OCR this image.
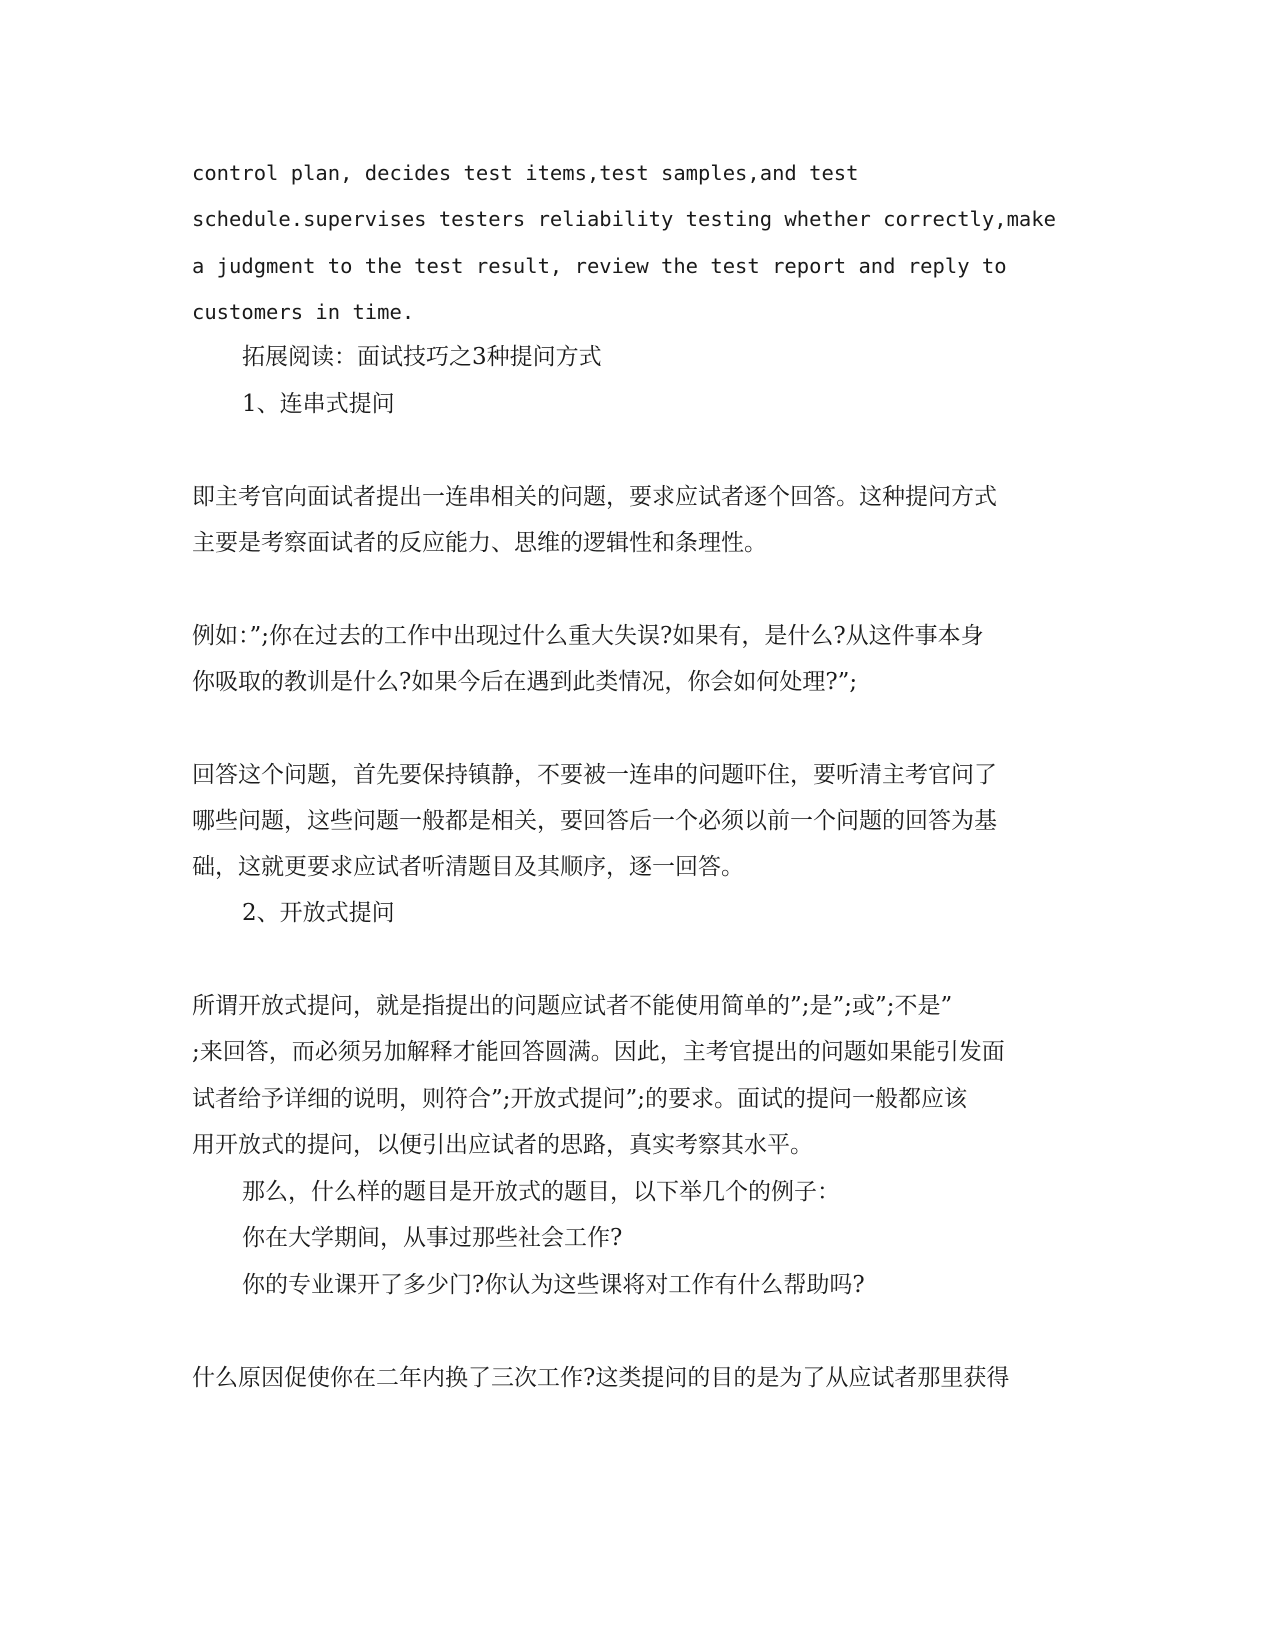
control plan, decides test items,test samples,and test
schedule.supervises testers reliability testing whether correctly,make
a judgment to the test result, review the test report and reply to
customers in time.
拓展阅读：面试技巧之3种提问方式
1、连串式提问
即主考官向面试者提出一连串相关的问题，要求应试者逐个回答。这种提问方式
主要是考察面试者的反应能力、思维的逻辑性和条理性。
例如：”;你在过去的工作中出现过什么重大失误?如果有，是什么?从这件事本身
你吸取的教训是什么?如果今后在遇到此类情况，你会如何处理?”;
回答这个问题，首先要保持镇静，不要被一连串的问题吓住，要听清主考官问了
哪些问题，这些问题一般都是相关，要回答后一个必须以前一个问题的回答为基
础，这就更要求应试者听清题目及其顺序，逐一回答。
2、开放式提问
所谓开放式提问，就是指提出的问题应试者不能使用简单的”;是”;或”;不是”
;来回答，而必须另加解释才能回答圆满。因此，主考官提出的问题如果能引发面
试者给予详细的说明，则符合”;开放式提问”;的要求。面试的提问一般都应该
用开放式的提问，以便引出应试者的思路，真实考察其水平。
那么，什么样的题目是开放式的题目，以下举几个的例子：
你在大学期间，从事过那些社会工作?
你的专业课开了多少门?你认为这些课将对工作有什么帮助吗?
什么原因促使你在二年内换了三次工作?这类提问的目的是为了从应试者那里获得
